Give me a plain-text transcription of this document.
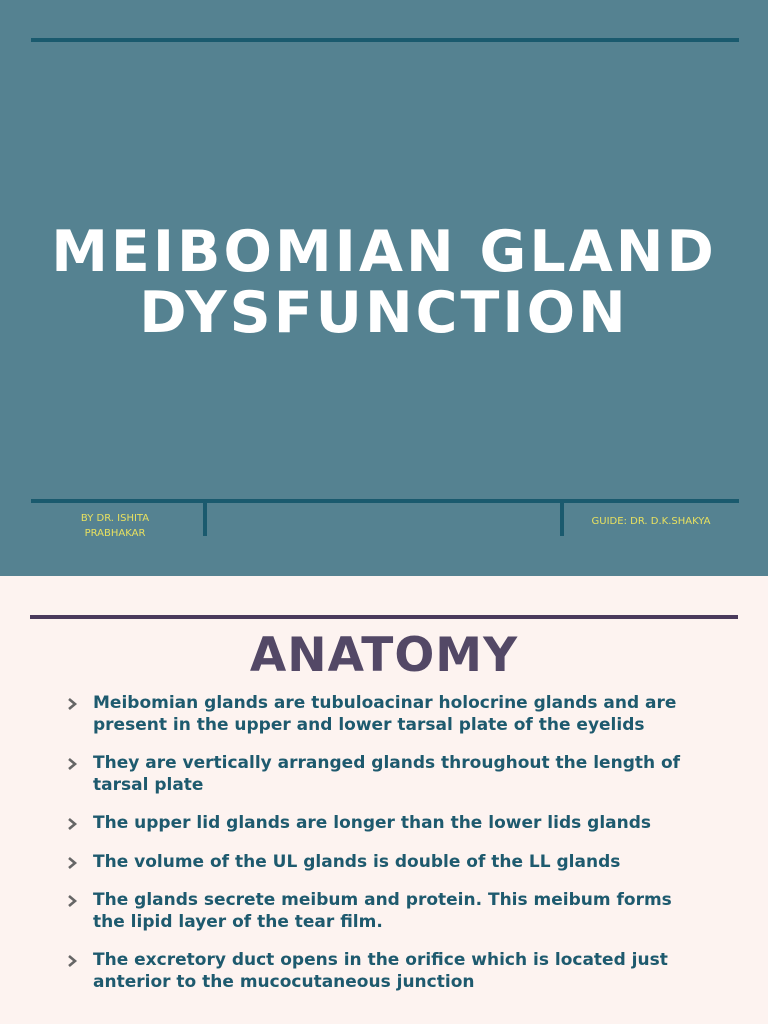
MEIBOMIAN GLAND
DYSFUNCTION
BY DR. ISHITA
PRABHAKAR
GUIDE: DR. D.K.SHAKYA
ANATOMY
Meibomian glands are tubuloacinar holocrine glands and are present in the upper and lower tarsal plate of the eyelids
They are vertically arranged glands throughout the length of tarsal plate
The upper lid glands are longer than the lower lids glands
The volume of the UL glands is double of the LL glands
The glands secrete meibum and protein. This meibum forms the lipid layer of the tear film.
The excretory duct opens in the orifice which is located just anterior to the mucocutaneous junction
